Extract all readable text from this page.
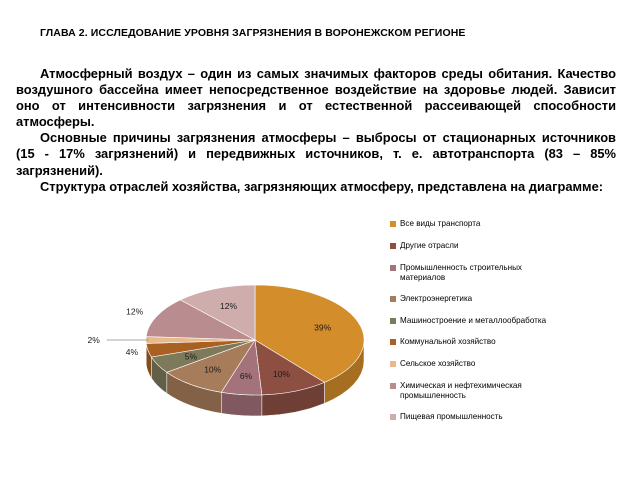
ГЛАВА 2. ИССЛЕДОВАНИЕ УРОВНЯ ЗАГРЯЗНЕНИЯ В ВОРОНЕЖСКОМ РЕГИОНЕ

Атмосферный воздух – один из самых значимых факторов среды обитания. Качество воздушного бассейна имеет непосредственное воздействие на здоровье людей. Зависит оно от интенсивности загрязнения и от естественной рассеивающей способности атмосферы.

Основные причины загрязнения атмосферы – выбросы от стационарных источников (15 - 17% загрязнений) и передвижных источников, т. е. автотранспорта (83 – 85% загрязнений).

Структура отраслей хозяйства, загрязняющих атмосферу, представлена на диаграмме:

39%
10%
6%
10%
5%
4%
2%
12%
12%
Все виды транспорта
Другие отрасли
Промышленность строительных материалов
Электроэнергетика
Машиностроение и металлообработка
Коммунальной хозяйство
Сельское хозяйство
Химическая и нефтехимическая промышленность
Пищевая промышленность
